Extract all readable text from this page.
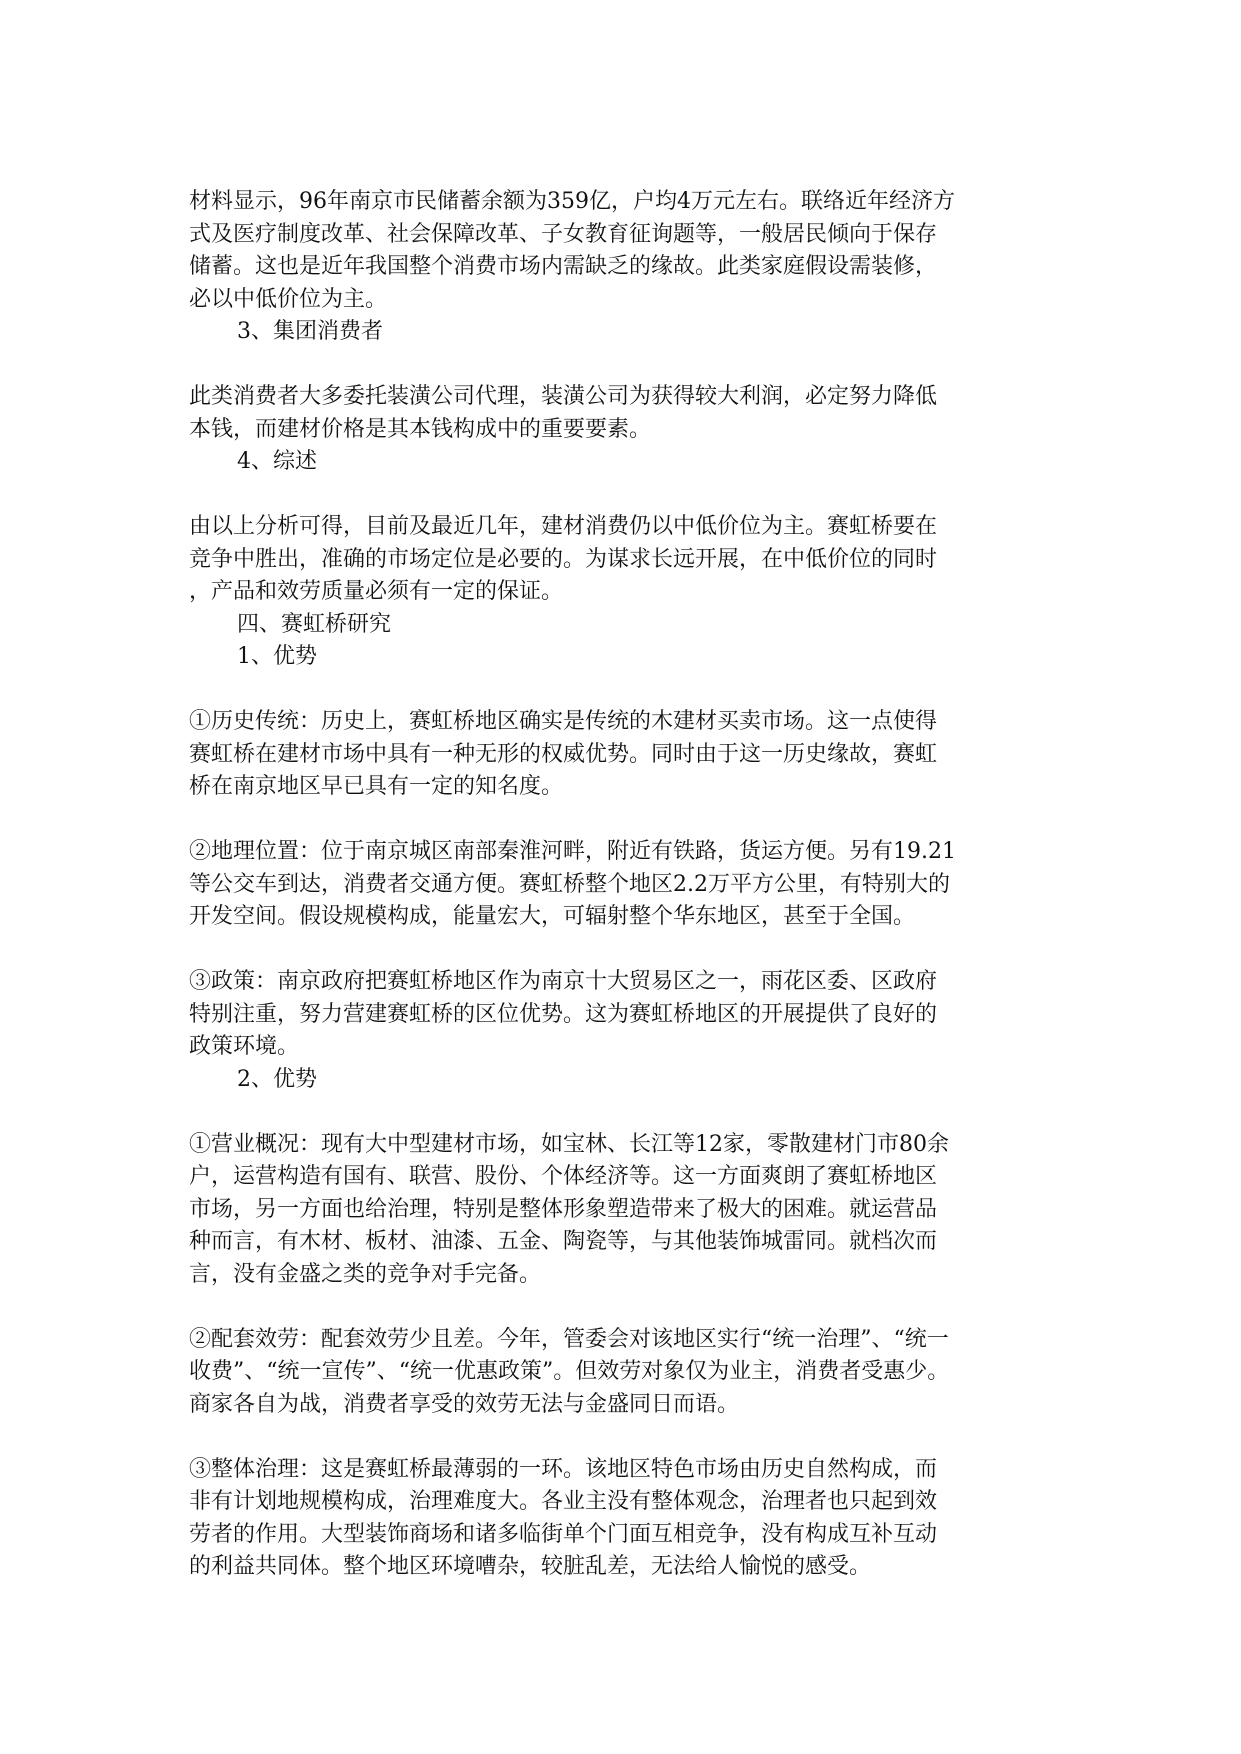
材料显示，96年南京市民储蓄余额为359亿，户均4万元左右。联络近年经济方
式及医疗制度改革、社会保障改革、子女教育征询题等，一般居民倾向于保存
储蓄。这也是近年我国整个消费市场内需缺乏的缘故。此类家庭假设需装修，
必以中低价位为主。
3、集团消费者
此类消费者大多委托装潢公司代理，装潢公司为获得较大利润，必定努力降低
本钱，而建材价格是其本钱构成中的重要要素。
4、综述
由以上分析可得，目前及最近几年，建材消费仍以中低价位为主。赛虹桥要在
竞争中胜出，准确的市场定位是必要的。为谋求长远开展，在中低价位的同时
，产品和效劳质量必须有一定的保证。
四、赛虹桥研究
1、优势
①历史传统：历史上，赛虹桥地区确实是传统的木建材买卖市场。这一点使得
赛虹桥在建材市场中具有一种无形的权威优势。同时由于这一历史缘故，赛虹
桥在南京地区早已具有一定的知名度。
②地理位置：位于南京城区南部秦淮河畔，附近有铁路，货运方便。另有19.21
等公交车到达，消费者交通方便。赛虹桥整个地区2.2万平方公里，有特别大的
开发空间。假设规模构成，能量宏大，可辐射整个华东地区，甚至于全国。
③政策：南京政府把赛虹桥地区作为南京十大贸易区之一，雨花区委、区政府
特别注重，努力营建赛虹桥的区位优势。这为赛虹桥地区的开展提供了良好的
政策环境。
2、优势
①营业概况：现有大中型建材市场，如宝林、长江等12家，零散建材门市80余
户，运营构造有国有、联营、股份、个体经济等。这一方面爽朗了赛虹桥地区
市场，另一方面也给治理，特别是整体形象塑造带来了极大的困难。就运营品
种而言，有木材、板材、油漆、五金、陶瓷等，与其他装饰城雷同。就档次而
言，没有金盛之类的竞争对手完备。
②配套效劳：配套效劳少且差。今年，管委会对该地区实行“统一治理”、“统一
收费”、“统一宣传”、“统一优惠政策”。但效劳对象仅为业主，消费者受惠少。
商家各自为战，消费者享受的效劳无法与金盛同日而语。
③整体治理：这是赛虹桥最薄弱的一环。该地区特色市场由历史自然构成，而
非有计划地规模构成，治理难度大。各业主没有整体观念，治理者也只起到效
劳者的作用。大型装饰商场和诸多临街单个门面互相竞争，没有构成互补互动
的利益共同体。整个地区环境嘈杂，较脏乱差，无法给人愉悦的感受。
